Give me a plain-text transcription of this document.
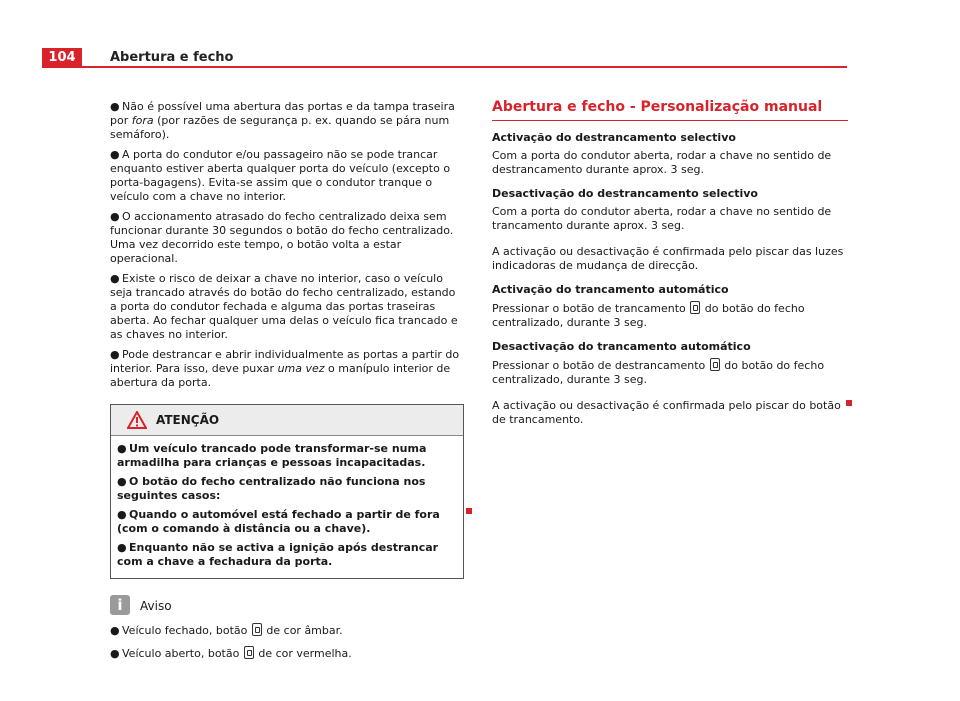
104	Abertura e fecho
● Não é possível uma abertura das portas e da tampa traseira por fora (por razões de segurança p. ex. quando se pára num semáforo).
● A porta do condutor e/ou passageiro não se pode trancar enquanto estiver aberta qualquer porta do veículo (excepto o porta-bagagens). Evita-se assim que o condutor tranque o veículo com a chave no interior.
● O accionamento atrasado do fecho centralizado deixa sem funcionar durante 30 segundos o botão do fecho centralizado. Uma vez decorrido este tempo, o botão volta a estar operacional.
● Existe o risco de deixar a chave no interior, caso o veículo seja trancado através do botão do fecho centralizado, estando a porta do condutor fechada e alguma das portas traseiras aberta. Ao fechar qualquer uma delas o veículo fica trancado e as chaves no interior.
● Pode destrancar e abrir individualmente as portas a partir do interior. Para isso, deve puxar uma vez o manípulo interior de abertura da porta.
ATENÇÃO
● Um veículo trancado pode transformar-se numa armadilha para crianças e pessoas incapacitadas.
● O botão do fecho centralizado não funciona nos seguintes casos:
● Quando o automóvel está fechado a partir de fora (com o comando à distância ou a chave).
● Enquanto não se activa a ignição após destrancar com a chave a fechadura da porta.
i	Aviso
● Veículo fechado, botão  de cor âmbar.
● Veículo aberto, botão  de cor vermelha.
Abertura e fecho - Personalização manual
Activação do destrancamento selectivo
Com a porta do condutor aberta, rodar a chave no sentido de destrancamento durante aprox. 3 seg.
Desactivação do destrancamento selectivo
Com a porta do condutor aberta, rodar a chave no sentido de trancamento durante aprox. 3 seg.
A activação ou desactivação é confirmada pelo piscar das luzes indicadoras de mudança de direcção.
Activação do trancamento automático
Pressionar o botão de trancamento  do botão do fecho centralizado, durante 3 seg.
Desactivação do trancamento automático
Pressionar o botão de destrancamento  do botão do fecho centralizado, durante 3 seg.
A activação ou desactivação é confirmada pelo piscar do botão de trancamento.
